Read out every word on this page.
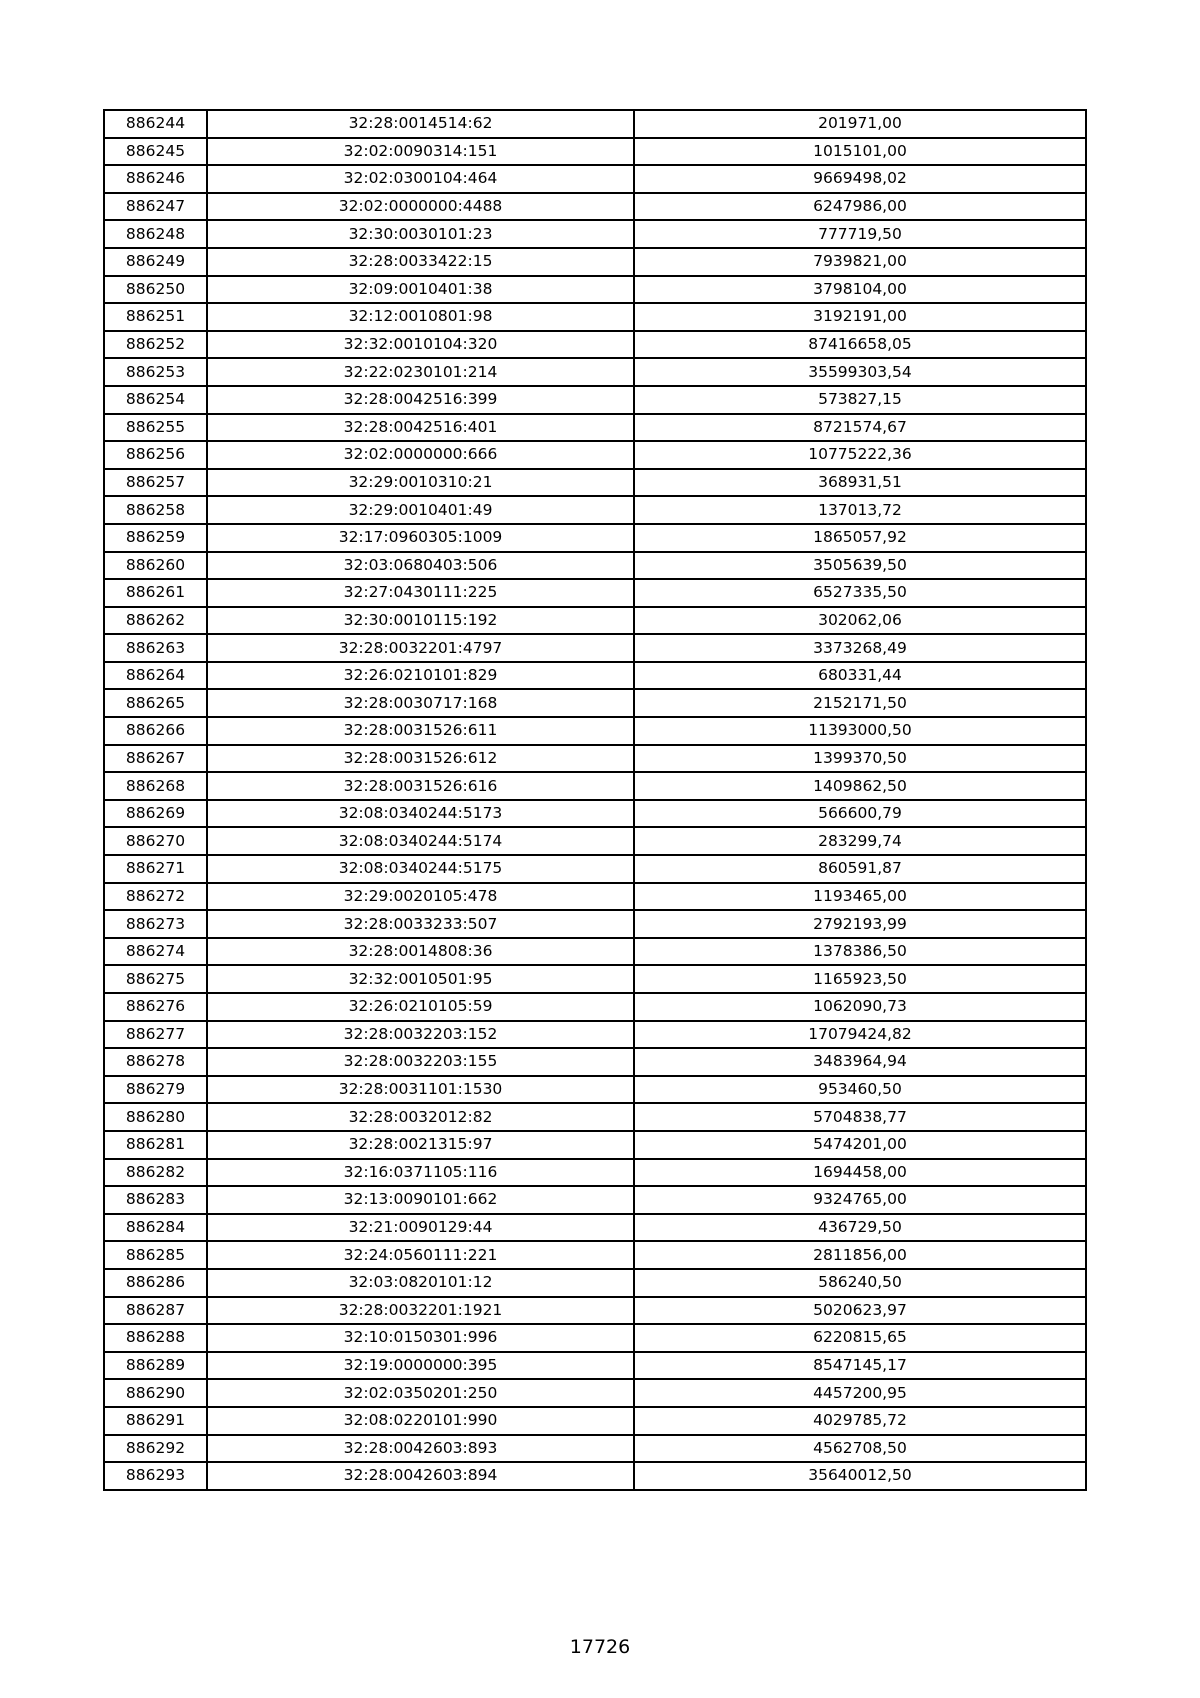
886244	32:28:0014514:62	201971,00
886245	32:02:0090314:151	1015101,00
886246	32:02:0300104:464	9669498,02
886247	32:02:0000000:4488	6247986,00
886248	32:30:0030101:23	777719,50
886249	32:28:0033422:15	7939821,00
886250	32:09:0010401:38	3798104,00
886251	32:12:0010801:98	3192191,00
886252	32:32:0010104:320	87416658,05
886253	32:22:0230101:214	35599303,54
886254	32:28:0042516:399	573827,15
886255	32:28:0042516:401	8721574,67
886256	32:02:0000000:666	10775222,36
886257	32:29:0010310:21	368931,51
886258	32:29:0010401:49	137013,72
886259	32:17:0960305:1009	1865057,92
886260	32:03:0680403:506	3505639,50
886261	32:27:0430111:225	6527335,50
886262	32:30:0010115:192	302062,06
886263	32:28:0032201:4797	3373268,49
886264	32:26:0210101:829	680331,44
886265	32:28:0030717:168	2152171,50
886266	32:28:0031526:611	11393000,50
886267	32:28:0031526:612	1399370,50
886268	32:28:0031526:616	1409862,50
886269	32:08:0340244:5173	566600,79
886270	32:08:0340244:5174	283299,74
886271	32:08:0340244:5175	860591,87
886272	32:29:0020105:478	1193465,00
886273	32:28:0033233:507	2792193,99
886274	32:28:0014808:36	1378386,50
886275	32:32:0010501:95	1165923,50
886276	32:26:0210105:59	1062090,73
886277	32:28:0032203:152	17079424,82
886278	32:28:0032203:155	3483964,94
886279	32:28:0031101:1530	953460,50
886280	32:28:0032012:82	5704838,77
886281	32:28:0021315:97	5474201,00
886282	32:16:0371105:116	1694458,00
886283	32:13:0090101:662	9324765,00
886284	32:21:0090129:44	436729,50
886285	32:24:0560111:221	2811856,00
886286	32:03:0820101:12	586240,50
886287	32:28:0032201:1921	5020623,97
886288	32:10:0150301:996	6220815,65
886289	32:19:0000000:395	8547145,17
886290	32:02:0350201:250	4457200,95
886291	32:08:0220101:990	4029785,72
886292	32:28:0042603:893	4562708,50
886293	32:28:0042603:894	35640012,50
17726
